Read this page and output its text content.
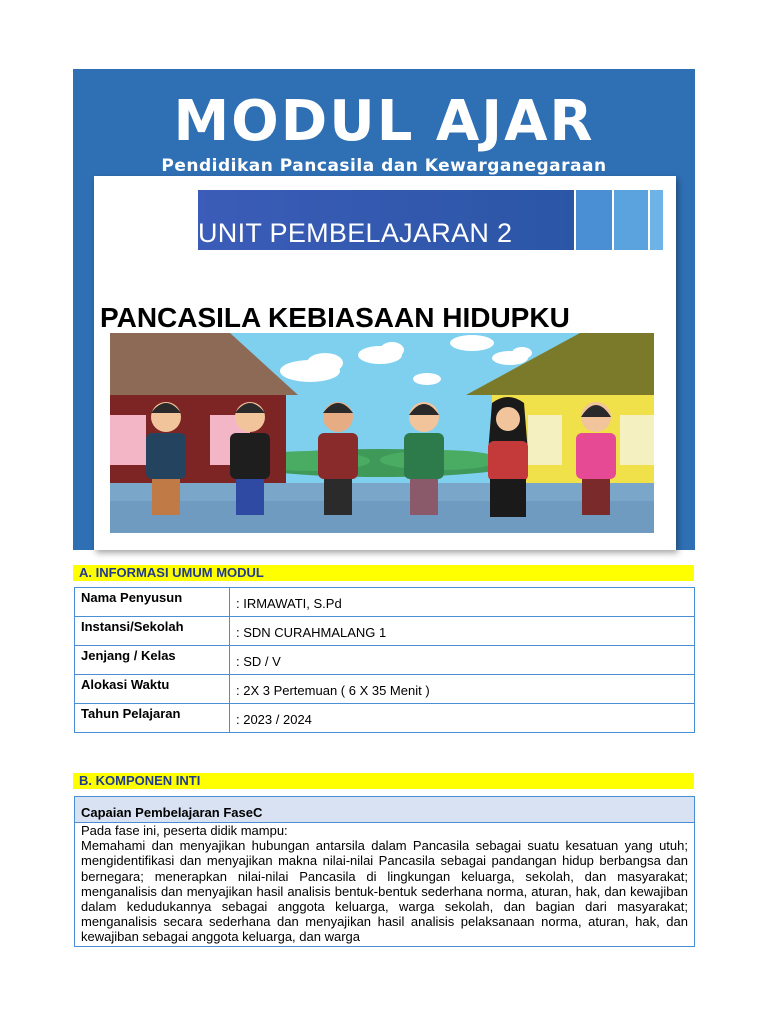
MODUL AJAR
Pendidikan Pancasila dan Kewarganegaraan
UNIT PEMBELAJARAN 2
PANCASILA KEBIASAAN HIDUPKU
A. INFORMASI UMUM MODUL
Nama Penyusun	: IRMAWATI, S.Pd
Instansi/Sekolah	: SDN CURAHMALANG 1
Jenjang / Kelas	: SD / V
Alokasi Waktu	: 2X 3 Pertemuan ( 6 X 35 Menit )
Tahun Pelajaran	: 2023 / 2024
B. KOMPONEN INTI
Capaian Pembelajaran FaseC
Pada fase ini, peserta didik mampu:
Memahami dan menyajikan hubungan antarsila dalam Pancasila sebagai suatu kesatuan yang utuh; mengidentifikasi dan menyajikan makna nilai-nilai Pancasila sebagai pandangan hidup berbangsa dan bernegara; menerapkan nilai-nilai Pancasila di lingkungan keluarga, sekolah, dan masyarakat; menganalisis dan menyajikan hasil analisis bentuk-bentuk sederhana norma, aturan, hak, dan kewajiban dalam kedudukannya sebagai anggota keluarga, warga sekolah, dan bagian dari masyarakat; menganalisis secara sederhana dan menyajikan hasil analisis pelaksanaan norma, aturan, hak, dan kewajiban sebagai anggota keluarga, dan warga
